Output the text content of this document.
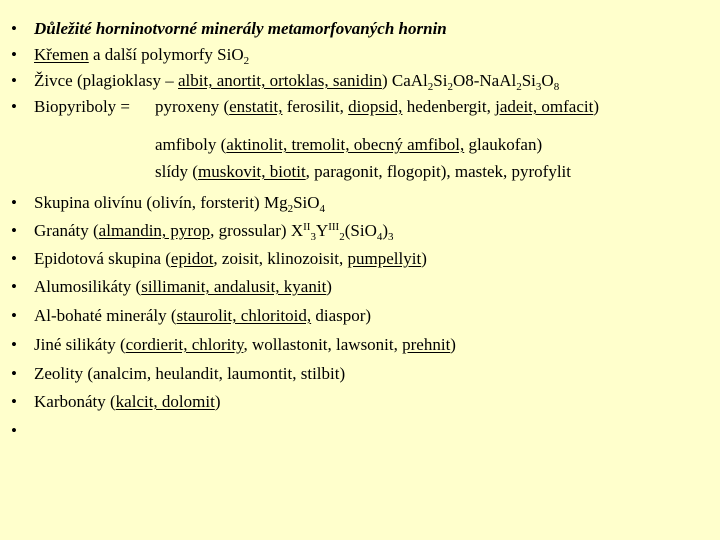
• Důležité horninotvorné minerály metamorfovaných hornin
• Křemen a další polymorfy SiO$_2$
• Živce (plagioklasy – albit, anortit, ortoklas, sanidin) $CaAl_2Si_2O8-NaAl_2Si_3O_8$
• Biopyriboly = pyroxeny (enstatit, ferosilit, diopsid, hedenbergit, jadeit, omfacit)
amfiboly (aktinolit, tremolit, obecný amfibol, glaukofan)
slídy (muskovit, biotit, paragonit, flogopit), mastek, pyrofylit
• Skupina olivínu (olivín, forsterit) $Mg_2SiO_4$
• Granáty (almandin, pyrop, grossular) $X^{II}_3Y^{III}_2(SiO_4)_3$
• Epidotová skupina (epidot, zoisit, klinozoisit, pumpellyit)
• Alumosilikáty (sillimanit, andalusit, kyanit)
• Al-bohaté minerály (staurolit, chloritoid, diaspor)
• Jiné silikáty (cordierit, chlority, wollastonit, lawsonit, prehnit)
• Zeolity (analcim, heulandit, laumontit, stilbit)
• Karbonáty (kalcit, dolomit)
•
